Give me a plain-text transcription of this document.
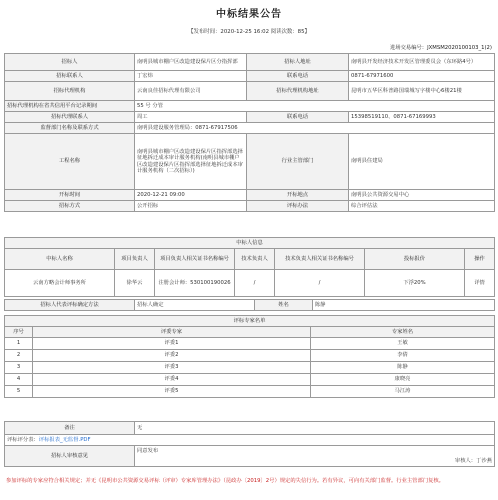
中标结果公告
【发布时间：2020-12-25 16:02 阅读次数：85】
进场交易编号：JXMSM2020100103_1(2)
招标人	南明县城市棚户区改造建设保片区分指挥部	招标人地址	南明县开发经济技术开发区管理委员会（东环路4号）
招标联系人	丁宏炜	联系电话	0871-67971600
招标代理机构	云南良佳招标代理有限公司	招标代理机构地址	昆明市五华区科普路国瑞城写字楼中心6楼21楼
招标代理机构在省共信用平台记录期间	55 号 分管		
招标代理联系人	周工	联系电话	15398519110、0871-67169993
监督部门名称及联系方式	南明县建设服务管理局：0871-67917506		
工程名称	南明县城市棚户区改造建设保片区指挥部选择征地拆迁成本审计服务机构(南明县城市棚户区改造建设保片区指挥部选择征地拆迁成本审计服务机构（二次招标）)	行业主管部门	南明县住建局
开标时间	2020-12-21 09:00	开标地点	南明县公共资源交易中心
招标方式	公开招标	评标办法	综合评估法
中标人信息						
中标人名称	项目负责人	项目负责人相关证书名称编号	技术负责人	技术负责人相关证书名称编号	投标报价	操作
云南方略会计师事务所	徐华云	注册会计师：530100190026	/	/	下浮20%	详情
招标人代表评标确定方法	招标人确定	姓名	陈静
评标专家名单		
序号	评委专家	专家姓名
1	评委1	王敏
2	评委2	李倩
3	评委3	陈静
4	评委4	康晓亮
5	评委5	马江涛
备注	无
评标评分表：评标报表_无监督.PDF	
招标人审核意见	同意发布
审核人：丁沙燕
参加评标的专家应符合相关规定；并无《昆明市公共资源交易评标（评审）专家库管理办法》（昆政办〔2019〕2号）规定的失信行为。若有异议，可向有关部门监督。行业主管部门复核。
